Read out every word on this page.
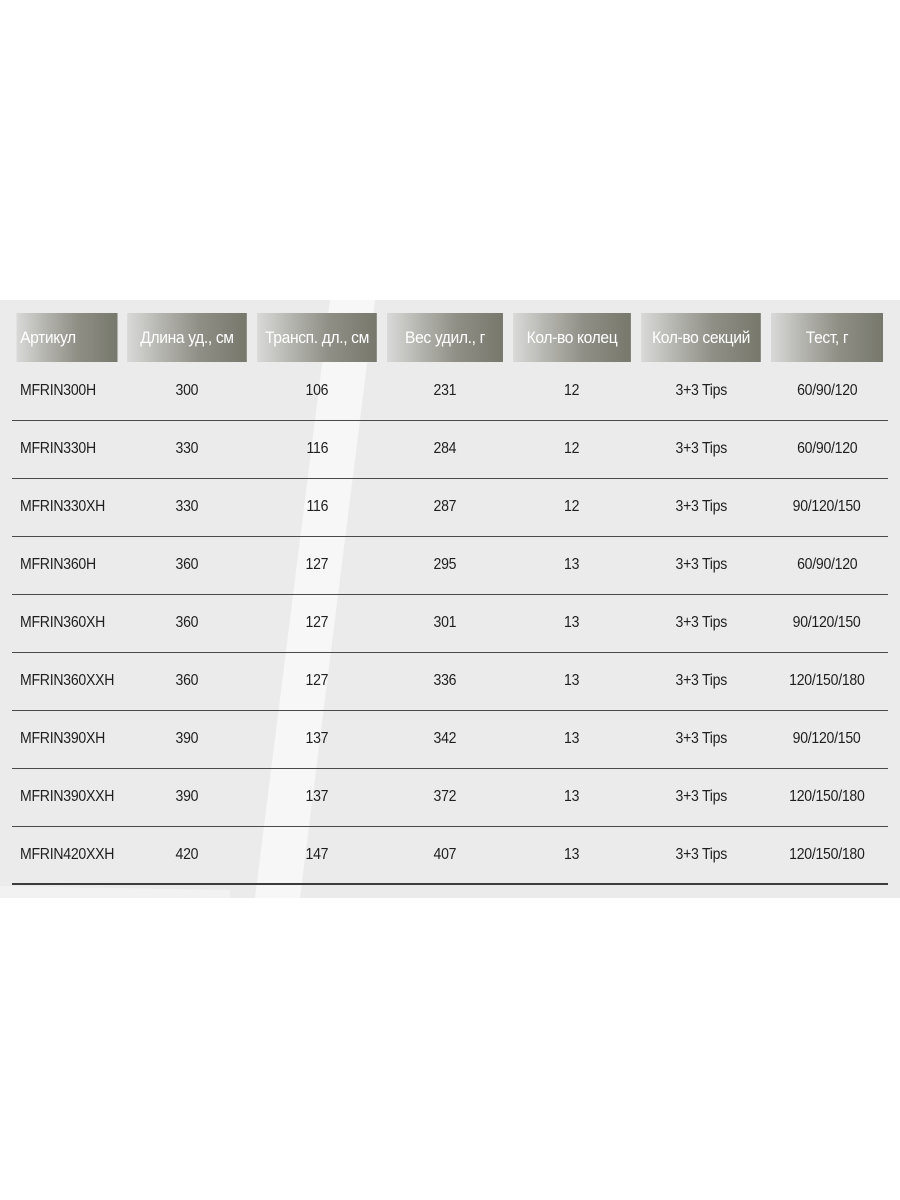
Артикул	Длина уд., см	Трансп. дл., см	Вес удил., г	Кол-во колец	Кол-во секций	Тест, г
MFRIN300H	300	106	231	12	3+3 Tips	60/90/120
MFRIN330H	330	116	284	12	3+3 Tips	60/90/120
MFRIN330XH	330	116	287	12	3+3 Tips	90/120/150
MFRIN360H	360	127	295	13	3+3 Tips	60/90/120
MFRIN360XH	360	127	301	13	3+3 Tips	90/120/150
MFRIN360XXH	360	127	336	13	3+3 Tips	120/150/180
MFRIN390XH	390	137	342	13	3+3 Tips	90/120/150
MFRIN390XXH	390	137	372	13	3+3 Tips	120/150/180
MFRIN420XXH	420	147	407	13	3+3 Tips	120/150/180
